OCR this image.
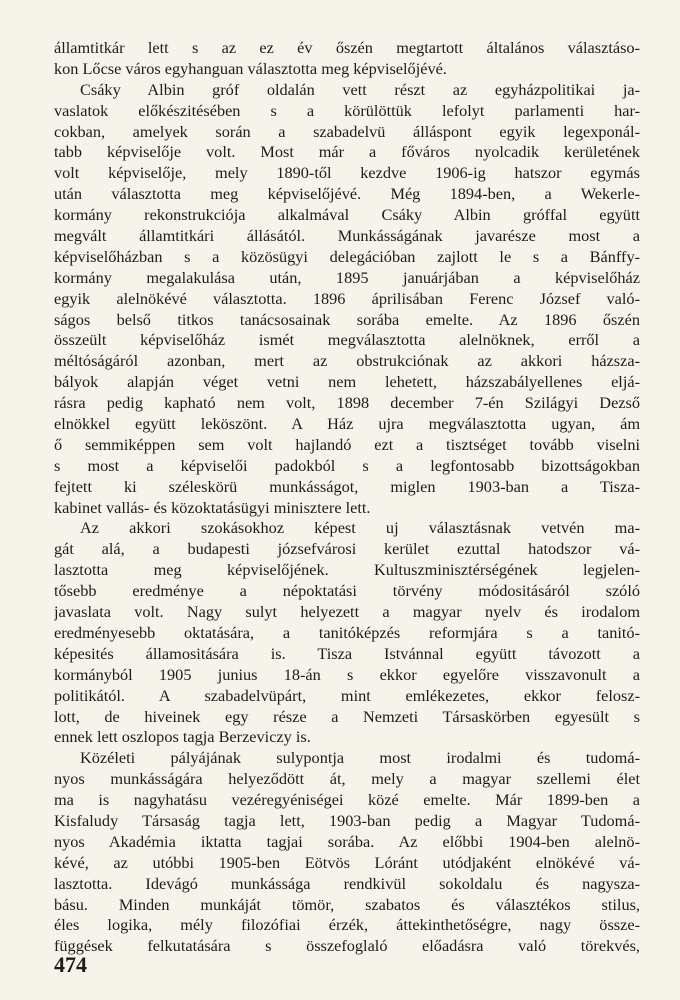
államtitkár lett s az ez év őszén megtartott általános választáso-
kon Lőcse város egyhanguan választotta meg képviselőjévé.
Csáky Albin gróf oldalán vett részt az egyházpolitikai ja-
vaslatok előkészitésében s a körülöttük lefolyt parlamenti har-
cokban, amelyek során a szabadelvü álláspont egyik legexponál-
tabb képviselője volt. Most már a főváros nyolcadik kerületének
volt képviselője, mely 1890-től kezdve 1906-ig hatszor egymás
után választotta meg képviselőjévé. Még 1894-ben, a Wekerle-
kormány rekonstrukciója alkalmával Csáky Albin gróffal együtt
megvált államtitkári állásától. Munkásságának javarésze most a
képviselőházban s a közösügyi delegációban zajlott le s a Bánffy-
kormány megalakulása után, 1895 januárjában a képviselőház
egyik alelnökévé választotta. 1896 áprilisában Ferenc József való-
ságos belső titkos tanácsosainak sorába emelte. Az 1896 őszén
összeült képviselőház ismét megválasztotta alelnöknek, erről a
méltóságáról azonban, mert az obstrukciónak az akkori házsza-
bályok alapján véget vetni nem lehetett, házszabályellenes eljá-
rásra pedig kapható nem volt, 1898 december 7-én Szilágyi Dezső
elnökkel együtt leköszönt. A Ház ujra megválasztotta ugyan, ám
ő semmiképpen sem volt hajlandó ezt a tisztséget tovább viselni
s most a képviselői padokból s a legfontosabb bizottságokban
fejtett ki széleskörü munkásságot, miglen 1903-ban a Tisza-
kabinet vallás- és közoktatásügyi minisztere lett.
Az akkori szokásokhoz képest uj választásnak vetvén ma-
gát alá, a budapesti józsefvárosi kerület ezuttal hatodszor vá-
lasztotta meg képviselőjének. Kultuszminisztérségének legjelen-
tősebb eredménye a népoktatási törvény módositásáról szóló
javaslata volt. Nagy sulyt helyezett a magyar nyelv és irodalom
eredményesebb oktatására, a tanitóképzés reformjára s a tanitó-
képesités államositására is. Tisza Istvánnal együtt távozott a
kormányból 1905 junius 18-án s ekkor egyelőre visszavonult a
politikától. A szabadelvüpárt, mint emlékezetes, ekkor felosz-
lott, de hiveinek egy része a Nemzeti Társaskörben egyesült s
ennek lett oszlopos tagja Berzeviczy is.
Közéleti pályájának sulypontja most irodalmi és tudomá-
nyos munkásságára helyeződött át, mely a magyar szellemi élet
ma is nagyhatásu vezéregyéniségei közé emelte. Már 1899-ben a
Kisfaludy Társaság tagja lett, 1903-ban pedig a Magyar Tudomá-
nyos Akadémia iktatta tagjai sorába. Az előbbi 1904-ben alelnö-
kévé, az utóbbi 1905-ben Eötvös Lóránt utódjaként elnökévé vá-
lasztotta. Idevágó munkássága rendkivül sokoldalu és nagysza-
básu. Minden munkáját tömör, szabatos és választékos stilus,
éles logika, mély filozófiai érzék, áttekinthetőségre, nagy össze-
függések felkutatására s összefoglaló előadásra való törekvés,
474
